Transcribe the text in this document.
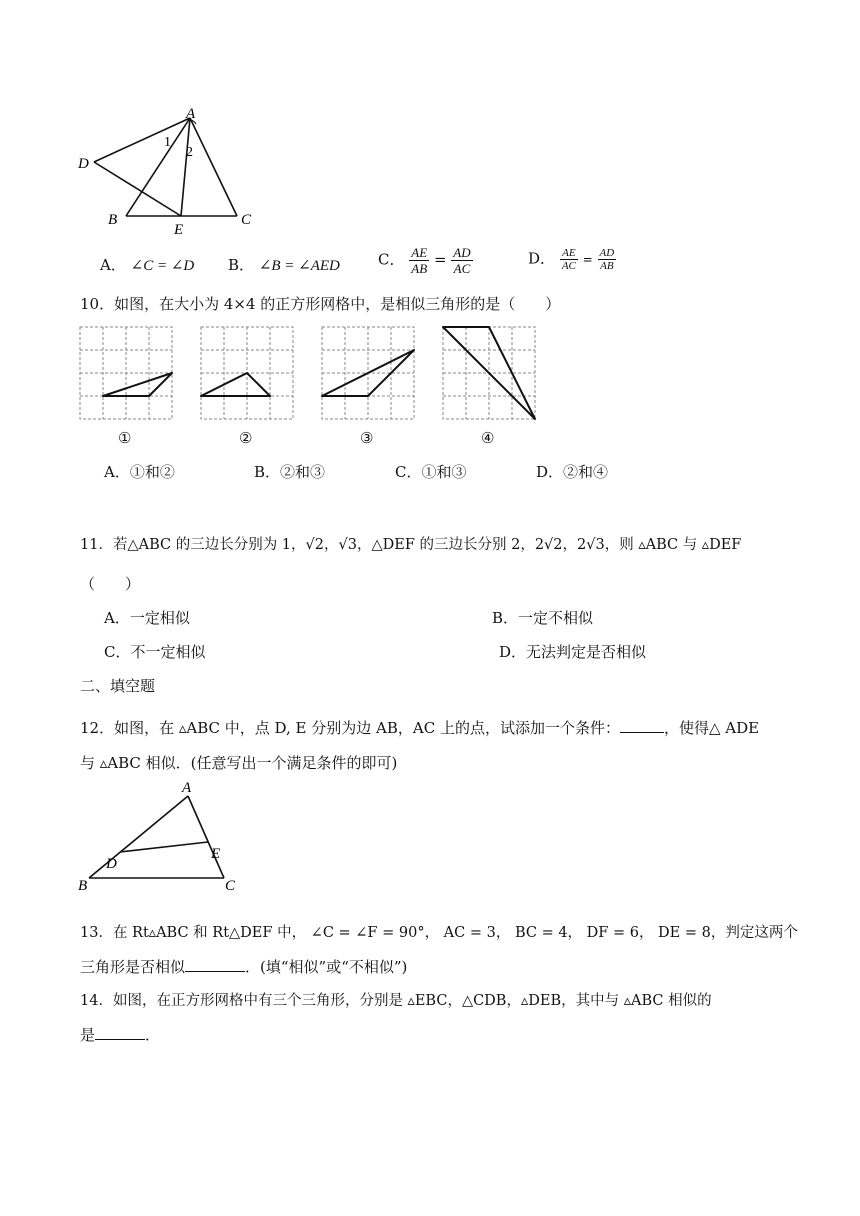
A
D
B
E
C
1
2
A． ∠C = ∠D B． ∠B = ∠AED	C． $\frac{AE}{AB} = \frac{AD}{AC}$	D． $\frac{AE}{AC} = \frac{AD}{AB}$
10．如图，在大小为 4×4 的正方形网格中，是相似三角形的是（　　）
①	②	③	④
A．①和②	B．②和③	C．①和③	D．②和④
11．若△ABC 的三边长分别为 1，√2，√3，△DEF 的三边长分别 2，2√2，2√3，则 ▵ABC 与 ▵DEF
（　　）
A．一定相似	B．一定不相似
C．不一定相似	D．无法判定是否相似
二、填空题
12．如图，在 ▵ABC 中，点 D, E 分别为边 AB，AC 上的点，试添加一个条件：	，使得△ ADE
与 ▵ABC 相似．(任意写出一个满足条件的即可)
A
D
E
B	C
13．在 Rt▵ABC 和 Rt△DEF 中， ∠C = ∠F = 90°， AC = 3， BC = 4， DF = 6， DE = 8，判定这两个
三角形是否相似	．(填“相似”或“不相似”)
14．如图，在正方形网格中有三个三角形，分别是 ▵EBC，△CDB，▵DEB，其中与 ▵ABC 相似的
是	．
